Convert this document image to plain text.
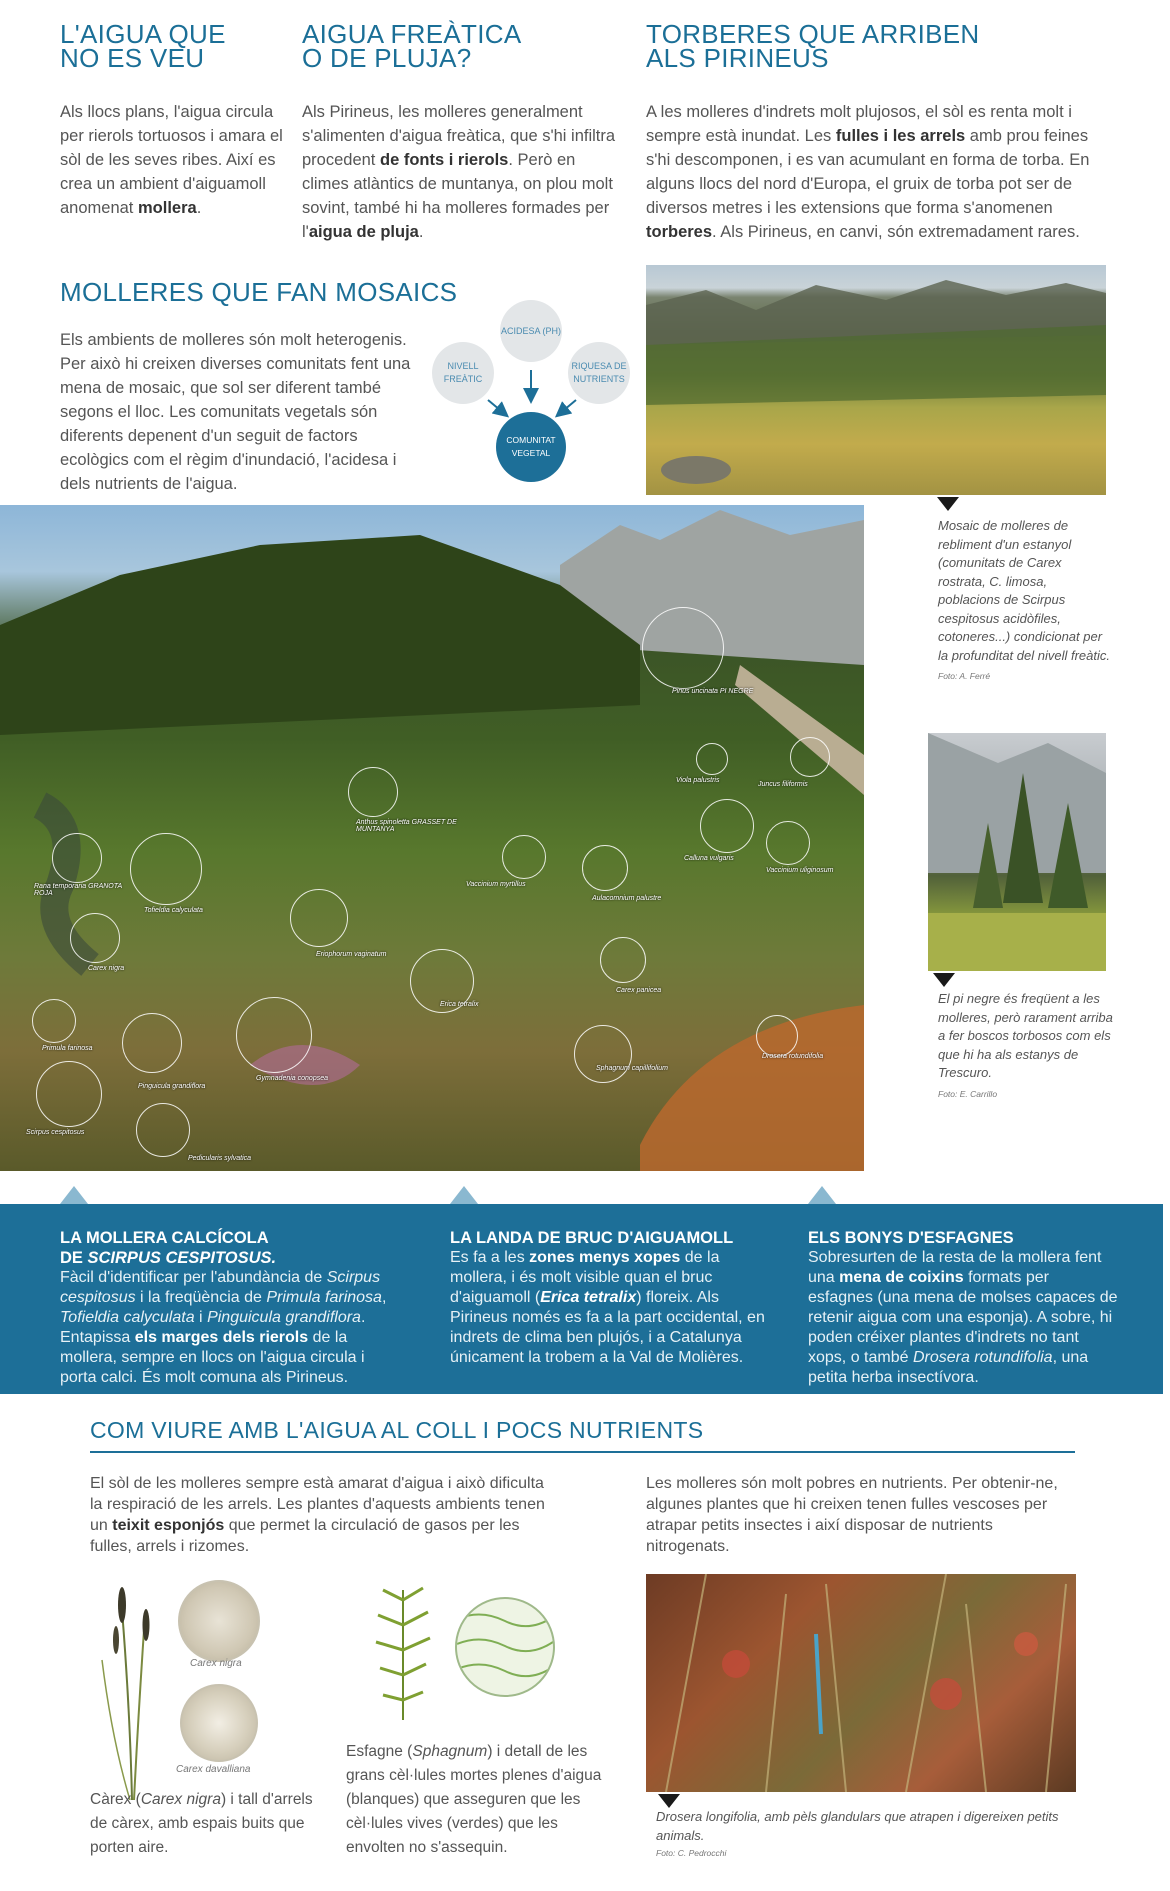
L'AIGUA QUE
NO ES VEU

Als llocs plans, l'aigua circula per rierols tortuosos i amara el sòl de les seves ribes. Així es crea un ambient d'aiguamoll anomenat mollera.

AIGUA FREÀTICA
O DE PLUJA?

Als Pirineus, les molleres generalment s'alimenten d'aigua freàtica, que s'hi infiltra procedent de fonts i rierols. Però en climes atlàntics de muntanya, on plou molt sovint, també hi ha molleres formades per l'aigua de pluja.

TORBERES QUE ARRIBEN
ALS PIRINEUS

A les molleres d'indrets molt plujosos, el sòl es renta molt i sempre està inundat. Les fulles i les arrels amb prou feines s'hi descomponen, i es van acumulant en forma de torba. En alguns llocs del nord d'Europa, el gruix de torba pot ser de diversos metres i les extensions que forma s'anomenen torberes. Als Pirineus, en canvi, són extremadament rares.

MOLLERES QUE FAN MOSAICS

Els ambients de molleres són molt heterogenis. Per això hi creixen diverses comunitats fent una mena de mosaic, que sol ser diferent també segons el lloc. Les comunitats vegetals són diferents depenent d'un seguit de factors ecològics com el règim d'inundació, l'acidesa i dels nutrients de l'aigua.

ACIDESA (PH)
NIVELL FREÀTIC
RIQUESA DE NUTRIENTS
COMUNITAT VEGETAL
Pinus uncinata PI NEGRE
Viola palustris
Juncus filiformis
Anthus spinoletta GRASSET DE MUNTANYA
Calluna vulgaris
Vaccinium uliginosum
Vaccinium myrtillus
Aulacomnium palustre
Rana temporaria GRANOTA ROJA
Tofieldia calyculata
Carex nigra
Eriophorum vaginatum
Sphagnum capillifolium
Primula farinosa
Pinguicula grandiflora
Erica tetralix
Gymnadenia conopsea
Drosera rotundifolia
Scirpus cespitosus
Pedicularis sylvatica
Carex panicea

Mosaic de molleres de rebliment d'un estanyol (comunitats de Carex rostrata, C. limosa, poblacions de Scirpus cespitosus acidòfiles, cotoneres...) condicionat per la profunditat del nivell freàtic.

Foto: A. Ferré

El pi negre és freqüent a les molleres, però rarament arriba a fer boscos torbosos com els que hi ha als estanys de Trescuro.

Foto: E. Carrillo
LA MOLLERA CALCÍCOLA
DE SCIRPUS CESPITOSUS.

Fàcil d'identificar per l'abundància de Scirpus cespitosus i la freqüència de Primula farinosa, Tofieldia calyculata i Pinguicula grandiflora. Entapissa els marges dels rierols de la mollera, sempre en llocs on l'aigua circula i porta calci. És molt comuna als Pirineus.

LA LANDA DE BRUC D'AIGUAMOLL

Es fa a les zones menys xopes de la mollera, i és molt visible quan el bruc d'aiguamoll (Erica tetralix) floreix. Als Pirineus només es fa a la part occidental, en indrets de clima ben plujós, i a Catalunya únicament la trobem a la Val de Molières.

ELS BONYS D'ESFAGNES

Sobresurten de la resta de la mollera fent una mena de coixins formats per esfagnes (una mena de molses capaces de retenir aigua com una esponja). A sobre, hi poden créixer plantes d'indrets no tant xops, o també Drosera rotundifolia, una petita herba insectívora.

COM VIURE AMB L'AIGUA AL COLL I POCS NUTRIENTS

El sòl de les molleres sempre està amarat d'aigua i això dificulta la respiració de les arrels. Les plantes d'aquests ambients tenen un teixit esponjós que permet la circulació de gasos per les fulles, arrels i rizomes.

Les molleres són molt pobres en nutrients. Per obtenir-ne, algunes plantes que hi creixen tenen fulles vescoses per atrapar petits insectes i així disposar de nutrients nitrogenats.

Carex nigra
Carex davalliana

Càrex (Carex nigra) i tall d'arrels de càrex, amb espais buits que porten aire.

Esfagne (Sphagnum) i detall de les grans cèl·lules mortes plenes d'aigua (blanques) que asseguren que les cèl·lules vives (verdes) que les envolten no s'assequin.

Drosera longifolia, amb pèls glandulars que atrapen i digereixen petits animals.

Foto: C. Pedrocchi
